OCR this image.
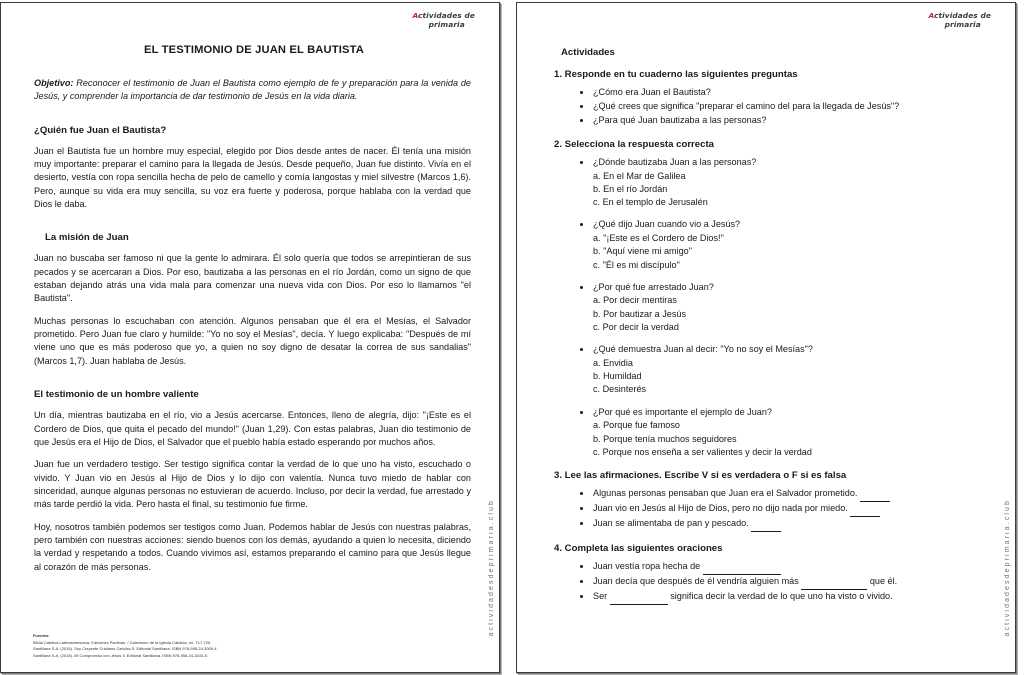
Actividades de
primaria
EL TESTIMONIO DE JUAN EL BAUTISTA
Objetivo: Reconocer el testimonio de Juan el Bautista como ejemplo de fe y preparación para la venida de Jesús, y comprender la importancia de dar testimonio de Jesús en la vida diaria.
¿Quién fue Juan el Bautista?
Juan el Bautista fue un hombre muy especial, elegido por Dios desde antes de nacer. Él tenía una misión muy importante: preparar el camino para la llegada de Jesús. Desde pequeño, Juan fue distinto. Vivía en el desierto, vestía con ropa sencilla hecha de pelo de camello y comía langostas y miel silvestre (Marcos 1,6). Pero, aunque su vida era muy sencilla, su voz era fuerte y poderosa, porque hablaba con la verdad que Dios le daba.
La misión de Juan
Juan no buscaba ser famoso ni que la gente lo admirara. Él solo quería que todos se arrepintieran de sus pecados y se acercaran a Dios. Por eso, bautizaba a las personas en el río Jordán, como un signo de que estaban dejando atrás una vida mala para comenzar una nueva vida con Dios. Por eso lo llamamos "el Bautista".
Muchas personas lo escuchaban con atención. Algunos pensaban que él era el Mesías, el Salvador prometido. Pero Juan fue claro y humilde: "Yo no soy el Mesías", decía. Y luego explicaba: "Después de mí viene uno que es más poderoso que yo, a quien no soy digno de desatar la correa de sus sandalias" (Marcos 1,7). Juan hablaba de Jesús.
El testimonio de un hombre valiente
Un día, mientras bautizaba en el río, vio a Jesús acercarse. Entonces, lleno de alegría, dijo: "¡Este es el Cordero de Dios, que quita el pecado del mundo!" (Juan 1,29). Con estas palabras, Juan dio testimonio de que Jesús era el Hijo de Dios, el Salvador que el pueblo había estado esperando por muchos años.
Juan fue un verdadero testigo. Ser testigo significa contar la verdad de lo que uno ha visto, escuchado o vivido. Y Juan vio en Jesús al Hijo de Dios y lo dijo con valentía. Nunca tuvo miedo de hablar con sinceridad, aunque algunas personas no estuvieran de acuerdo. Incluso, por decir la verdad, fue arrestado y más tarde perdió la vida. Pero hasta el final, su testimonio fue firme.
Hoy, nosotros también podemos ser testigos como Juan. Podemos hablar de Jesús con nuestras palabras, pero también con nuestras acciones: siendo buenos con los demás, ayudando a quien lo necesita, diciendo la verdad y respetando a todos. Cuando vivimos así, estamos preparando el camino para que Jesús llegue al corazón de más personas.
Fuentes:
Biblia Católica Latinoamericana, Ediciones Paulinas. / Catecismo de la Iglesia Católica, nn. 717-720.
Santillana S.A. (2015). Soy Creyente Cristiano Católico 5. Editorial Santillana. ISBN 978-958-24-3005-4.
Santillana S.A. (2018). Mi Compromiso con Jesús 3. Editorial Santillana. ISBN 978-958-24-3433-5.
actividadesdeprimaria.club
Actividades de
primaria
Actividades
1. Responde en tu cuaderno las siguientes preguntas
¿Cómo era Juan el Bautista?
¿Qué crees que significa "preparar el camino del para la llegada de Jesús"?
¿Para qué Juan bautizaba a las personas?
2. Selecciona la respuesta correcta
¿Dónde bautizaba Juan a las personas?
a. En el Mar de Galilea
b. En el río Jordán
c. En el templo de Jerusalén
¿Qué dijo Juan cuando vio a Jesús?
a. "¡Este es el Cordero de Dios!"
b. "Aquí viene mi amigo"
c. "Él es mi discípulo"
¿Por qué fue arrestado Juan?
a. Por decir mentiras
b. Por bautizar a Jesús
c. Por decir la verdad
¿Qué demuestra Juan al decir: "Yo no soy el Mesías"?
a. Envidia
b. Humildad
c. Desinterés
¿Por qué es importante el ejemplo de Juan?
a. Porque fue famoso
b. Porque tenía muchos seguidores
c. Porque nos enseña a ser valientes y decir la verdad
3. Lee las afirmaciones. Escribe V si es verdadera o F si es falsa
Algunas personas pensaban que Juan era el Salvador prometido.
Juan vio en Jesús al Hijo de Dios, pero no dijo nada por miedo.
Juan se alimentaba de pan y pescado.
4. Completa las siguientes oraciones
Juan vestía ropa hecha de
Juan decía que después de él vendría alguien más	que él.
Ser	significa decir la verdad de lo que uno ha visto o vivido.	actividadesdeprimaria.club
